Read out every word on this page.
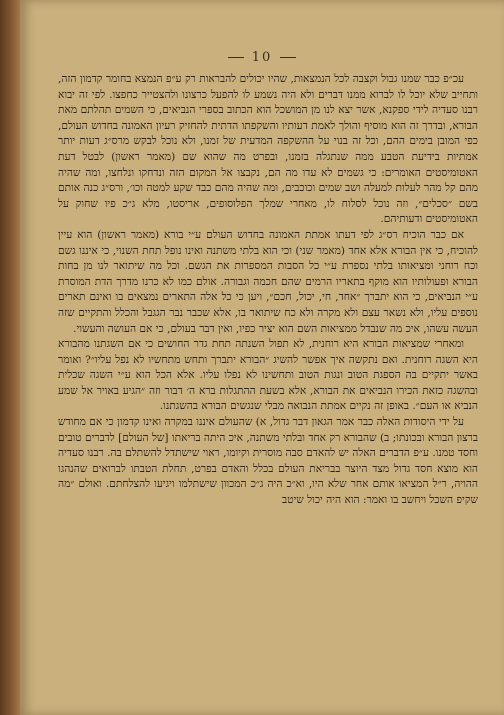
10

עכ״פ כבר שמנו גבול וקצבה לכל הנמצאות, שהיו יכולים להבראות רק ע״פ הנמצא בחומר קדמון הזה, ותחייב שלא יוכל לו לברוא ממנו דברים ולא היה נשמע לו להפעל כרצונו ולהצטייר כחפצו. לפי זה יבוא רבנו סעדיה לידי ספקנא, אשר יצא לנו מן המושכל הוא הכתוב בספרי הנביאים, כי השמים תהלתם מאת הבורא, ובדרך זה הוא מוסיף והולך לאמת דעותיו והשקפתו הדתית להחזיק רעיון האמונה בחדוש העולם, כפי המובן בימים ההם, וכל זה בנוי על ההשקפה המדעית של זמנו, ולא נוכל לבקש מרס״ג דעות יותר אמתיות בידיעת הטבע ממה שנתגלה בזמנו, ובפרט מה שהוא שם (מאמר ראשון) לבטל דעת האטומיסטים האומרים: כי גשמים לא עדו מה הם, נקבצו אל המקום הזה ונדחקו ונלחצו, ומה שהיה מהם קל מהר לעלות למעלה ושב שמים וכוכבים, ומה שהיה מהם כבד שקע למטה וכו׳, ורס״ג כנה אותם בשם ״סכלים״, וזה נוכל לסלוח לו, מאחרי שמלך הפלוסופים, אריסטו, מלא ג״כ פיו שחוק על האטומיסטים ודעותיהם.

אם כבר הוכיח רס״ג לפי דעתו אמתת האמונה בחדוש העולם ע״י בורא (מאמר ראשון) הוא עיין להוכיח, כי אין הבורא אלא אחד (מאמר שני) וכי הוא בלתי משתנה ואינו נופל תחת השנוי, כי איננו גשם וכח רוחני ומציאותו בלתי נספרת ע״י כל הסבות המספרות את הגשם. וכל מה שיתואר לנו מן בחות הבורא ופעולותיו הוא מוקף בתאריו הרמים שהם חכמה וגבורה. אולם כמו לא כרנו מדרך הדת המוסרת ע״י הנביאים, כי הוא יתברך ״אחד, חי, יכול, חכם״, ויען כי כל אלה התארים נמצאים בו ואינם תארים נוספים עליו, ולא נשאר עצם ולא מקרה ולא כח שיתואר בו, אלא שכבר נבר הגגבל והכלל והתקיים שזה העשה עשהו, איכ מה שנבדל ממציאות השם הוא יציר כפיו, ואין דבר בעולם, כי אם העושה והעשוי.

ומאחרי שמציאות הבורא היא רוחנית, לא תפול השנתה תחת גדר החושים כי אם השגתנו מהבורא היא השגה רוחנית. ואם נתקשה איך אפשר להשיג ״הבורא יתברך ותחש מתחשיו לא נפל עליו״? ואומר באשר יתקיים בה הספגת הטוב ונגות הטוב ותחשינו לא נפלו עליו. אלא הכל הוא ע״י השגה שכלית ובהשגה כזאת הכירו הנביאים את הבורא, אלא בשעת ההתגלות ברא ה׳ דבור וזה ״הגיע באויר אל שמע הנביא או העם״. באופן זה נקיים אמתת הנבואה מבלי שנגשים הבורא בהשגתנו.

על ידי היסודות האלה כבר אמר הגאון דבר גדול, א) שהעולם איננו במקרה ואינו קדמון כי אם מחודש ברצון הבורא ובכונתו; ב) שהבורא רק אחד ובלתי משתנה, איכ היתה בריאתו [של העולם] לדברים טובים וחסד טמנו. ע״פ הדברים האלה יש להאדם סבה מוסרית וקיומו, ראוי שישתדל להשתלם בה. רבנו סעדיה הוא מוצא חסד גדול מצד היוצר בבריאת העולם בכלל והאדם בפרט, תחלת הטבתו לברואים שהנהגו ההויה, ר״ל המציאו אותם אחר שלא היו, וא״כ היה ג״כ המכוון שישתלמו ויגיעו להצלחתם. ואולם ״מה שקיפ השכל ויחשב בו ואמר: הוא היה יכול שיטב
